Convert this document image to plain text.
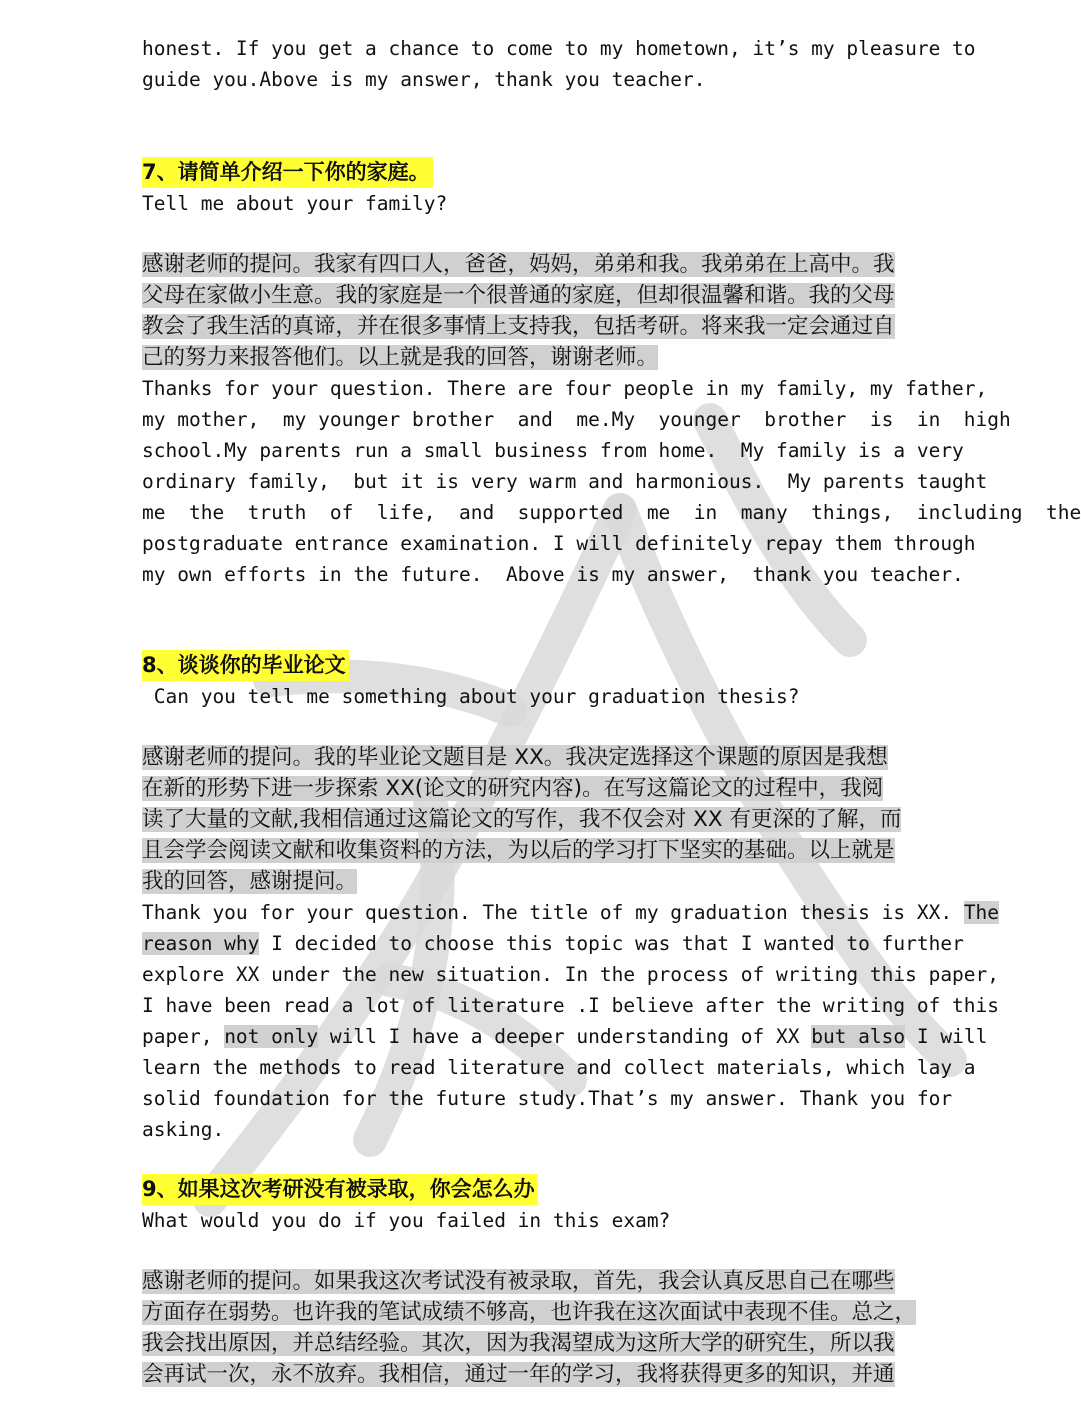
honest. If you get a chance to come to my hometown, it’s my pleasure to
guide you.Above is my answer, thank you teacher.
7、请简单介绍一下你的家庭。
Tell me about your family?
感谢老师的提问。我家有四口人，爸爸，妈妈，弟弟和我。我弟弟在上高中。我
父母在家做小生意。我的家庭是一个很普通的家庭，但却很温馨和谐。我的父母
教会了我生活的真谛，并在很多事情上支持我，包括考研。将来我一定会通过自
己的努力来报答他们。以上就是我的回答，谢谢老师。
Thanks for your question. There are four people in my family, my father,
my mother,  my younger brother  and  me.My  younger  brother  is  in  high
school.My parents run a small business from home.  My family is a very
ordinary family,  but it is very warm and harmonious.  My parents taught
me  the  truth  of  life,  and  supported  me  in  many  things,  including  the
postgraduate entrance examination. I will definitely repay them through
my own efforts in the future.  Above is my answer,  thank you teacher.
8、谈谈你的毕业论文
Can you tell me something about your graduation thesis?
感谢老师的提问。我的毕业论文题目是 XX。我决定选择这个课题的原因是我想
在新的形势下进一步探索 XX(论文的研究内容)。在写这篇论文的过程中，我阅
读了大量的文献,我相信通过这篇论文的写作，我不仅会对 XX 有更深的了解，而
且会学会阅读文献和收集资料的方法，为以后的学习打下坚实的基础。以上就是
我的回答，感谢提问。
Thank you for your question. The title of my graduation thesis is XX. The
reason why I decided to choose this topic was that I wanted to further
explore XX under the new situation. In the process of writing this paper,
I have been read a lot of literature .I believe after the writing of this
paper, not only will I have a deeper understanding of XX but also I will
learn the methods to read literature and collect materials, which lay a
solid foundation for the future study.That’s my answer. Thank you for
asking.
9、如果这次考研没有被录取，你会怎么办
What would you do if you failed in this exam?
感谢老师的提问。如果我这次考试没有被录取，首先，我会认真反思自己在哪些
方面存在弱势。也许我的笔试成绩不够高，也许我在这次面试中表现不佳。总之，
我会找出原因，并总结经验。其次，因为我渴望成为这所大学的研究生，所以我
会再试一次，永不放弃。我相信，通过一年的学习，我将获得更多的知识，并通
